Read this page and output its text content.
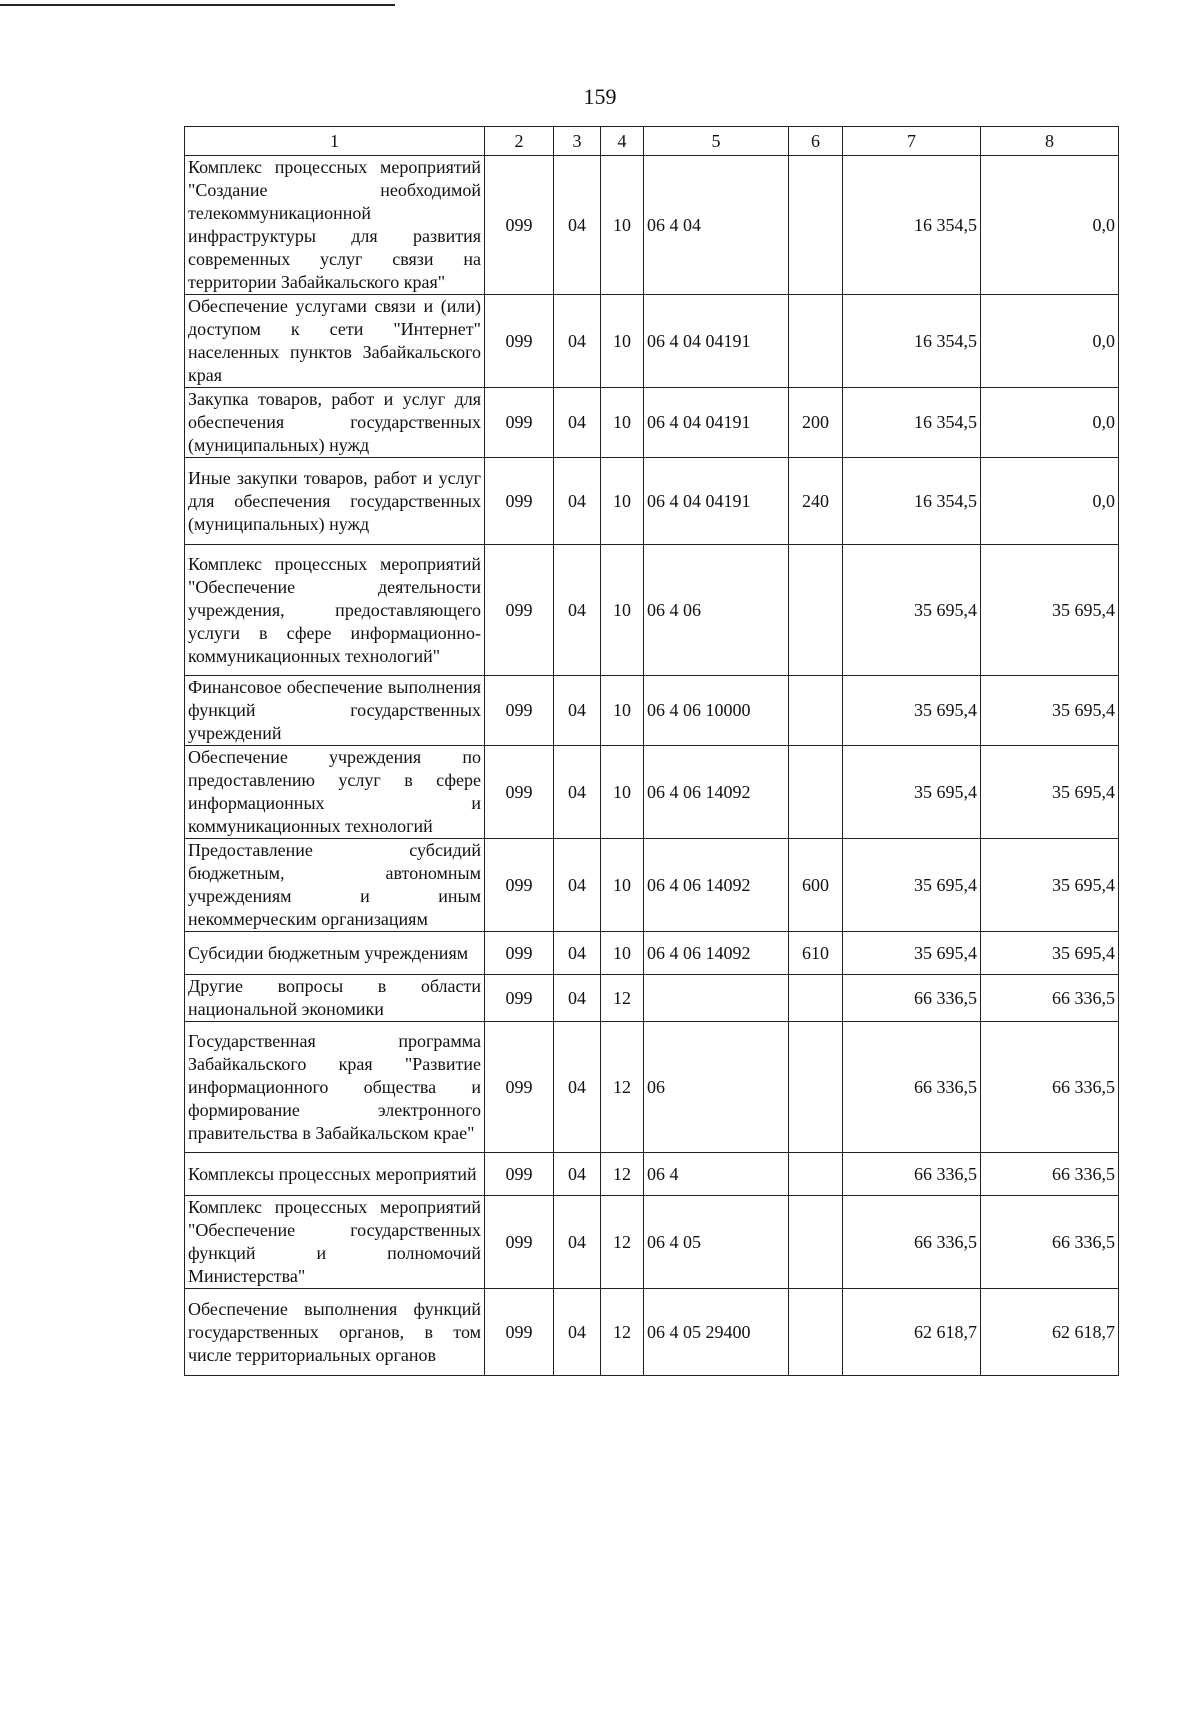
159
1	2	3	4	5	6	7	8
Комплекс процессных мероприятий "Создание необходимой телекоммуникационной инфраструктуры для развития современных услуг связи на территории Забайкальского края"	099	04	10	06 4 04		16 354,5	0,0
Обеспечение услугами связи и (или) доступом к сети "Интернет" населенных пунктов Забайкальского края	099	04	10	06 4 04 04191		16 354,5	0,0
Закупка товаров, работ и услуг для обеспечения государственных (муниципальных) нужд	099	04	10	06 4 04 04191	200	16 354,5	0,0
Иные закупки товаров, работ и услуг для обеспечения государственных (муниципальных) нужд	099	04	10	06 4 04 04191	240	16 354,5	0,0
Комплекс процессных мероприятий "Обеспечение деятельности учреждения, предоставляющего услуги в сфере информационно-коммуникационных технологий"	099	04	10	06 4 06		35 695,4	35 695,4
Финансовое обеспечение выполнения функций государственных учреждений	099	04	10	06 4 06 10000		35 695,4	35 695,4
Обеспечение учреждения по предоставлению услуг в сфере информационных и коммуникационных технологий	099	04	10	06 4 06 14092		35 695,4	35 695,4
Предоставление субсидий бюджетным, автономным учреждениям и иным некоммерческим организациям	099	04	10	06 4 06 14092	600	35 695,4	35 695,4
Субсидии бюджетным учреждениям	099	04	10	06 4 06 14092	610	35 695,4	35 695,4
Другие вопросы в области национальной экономики	099	04	12			66 336,5	66 336,5
Государственная программа Забайкальского края "Развитие информационного общества и формирование электронного правительства в Забайкальском крае"	099	04	12	06		66 336,5	66 336,5
Комплексы процессных мероприятий	099	04	12	06 4		66 336,5	66 336,5
Комплекс процессных мероприятий "Обеспечение государственных функций и полномочий Министерства"	099	04	12	06 4 05		66 336,5	66 336,5
Обеспечение выполнения функций государственных органов, в том числе территориальных органов	099	04	12	06 4 05 29400		62 618,7	62 618,7
